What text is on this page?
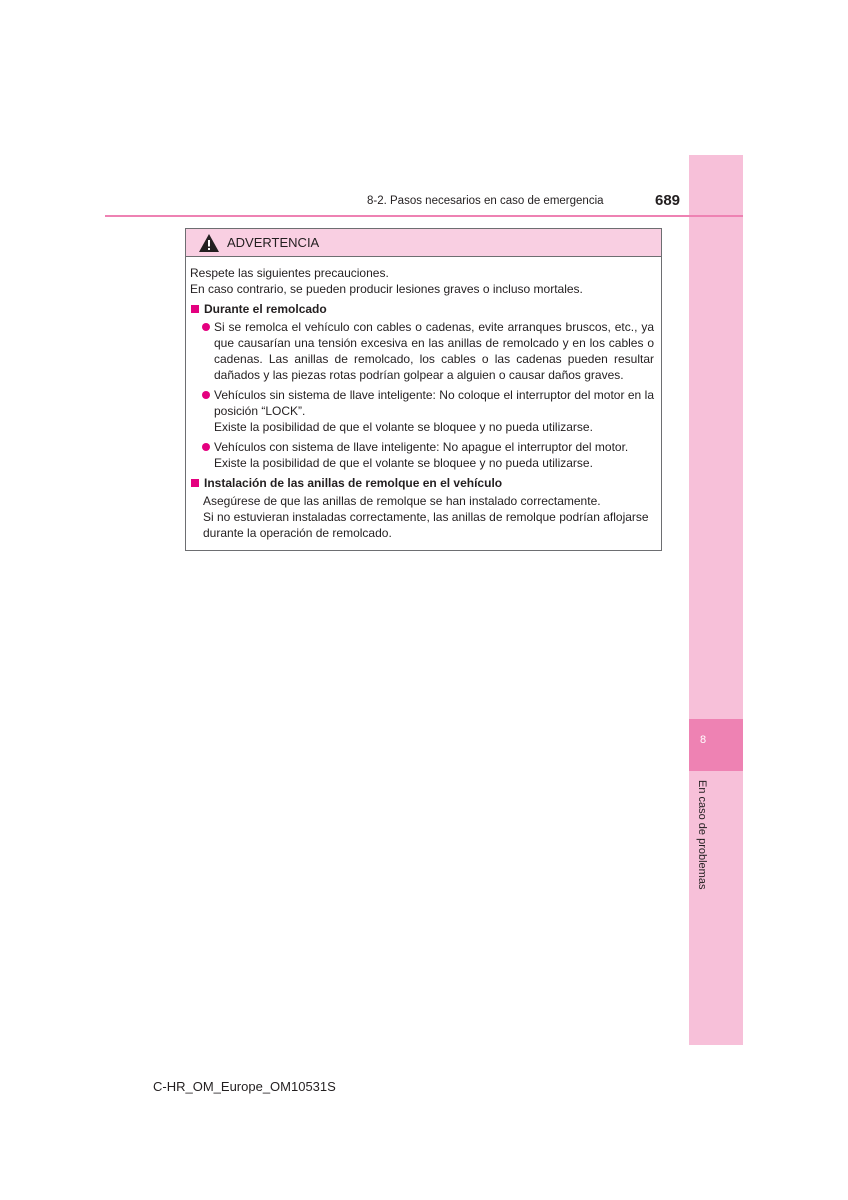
8
En caso de problemas
8-2. Pasos necesarios en caso de emergencia	689
ADVERTENCIA

Respete las siguientes precauciones.

En caso contrario, se pueden producir lesiones graves o incluso mortales.

Durante el remolcado
Si se remolca el vehículo con cables o cadenas, evite arranques bruscos, etc., ya que causarían una tensión excesiva en las anillas de remolcado y en los cables o cadenas. Las anillas de remolcado, los cables o las cadenas pueden resultar dañados y las piezas rotas podrían golpear a alguien o causar daños graves.
Vehículos sin sistema de llave inteligente: No coloque el interruptor del motor en la posición “LOCK”.
Existe la posibilidad de que el volante se bloquee y no pueda utilizarse.
Vehículos con sistema de llave inteligente: No apague el interruptor del motor.
Existe la posibilidad de que el volante se bloquee y no pueda utilizarse.
Instalación de las anillas de remolque en el vehículo
Asegúrese de que las anillas de remolque se han instalado correctamente.
Si no estuvieran instaladas correctamente, las anillas de remolque podrían aflojarse durante la operación de remolcado.
C-HR_OM_Europe_OM10531S
